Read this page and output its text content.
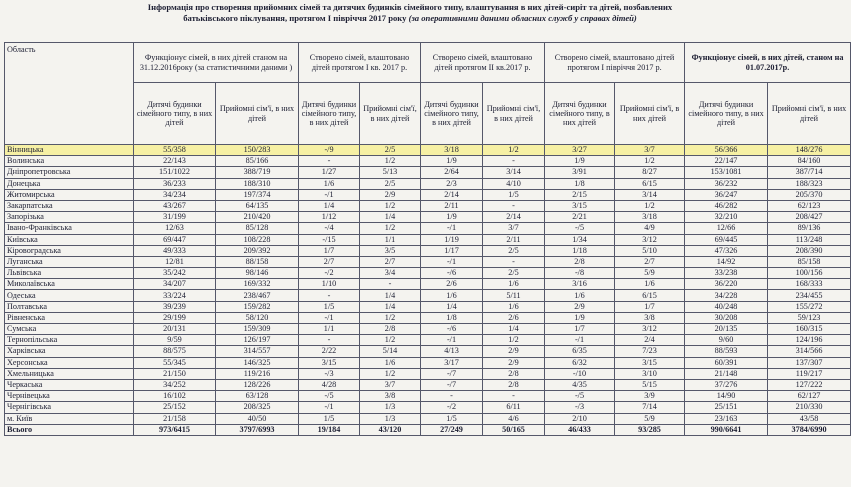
Інформація про створення прийомних сімей та дитячих будинків сімейного типу, влаштування в них дітей-сиріт та дітей, позбавлених
батьківського піклування, протягом І півріччя 2017 року (за оперативними даними обласних служб у справах дітей)
Область	Функціонує сімей, в них дітей станом на 31.12.2016року (за статистичними даними )		Створено сімей, влаштовано дітей протягом І кв. 2017 р.		Створено сімей, влаштовано дітей протягом ІІ кв.2017 р.		Створено сімей, влаштовано дітей протягом І півріччя 2017 р.		Функціонує сімей, в них дітей, станом на 01.07.2017р.	
	Дитячі будинки сімейного типу, в них дітей	Прийомні сім'ї, в них дітей	Дитячі будинки сімейного типу, в них дітей	Прийомні сім'ї, в них дітей	Дитячі будинки сімейного типу, в них дітей	Прийомні сім'ї, в них дітей	Дитячі будинки сімейного типу, в них дітей	Прийомні сім'ї, в них дітей	Дитячі будинки сімейного типу, в них дітей	Прийомні сім'ї, в них дітей
Вінницька	55/358	150/283	-/9	2/5	3/18	1/2	3/27	3/7	56/366	148/276
Волинська	22/143	85/166	-	1/2	1/9	-	1/9	1/2	22/147	84/160
Дніпропетровська	151/1022	388/719	1/27	5/13	2/64	3/14	3/91	8/27	153/1081	387/714
Донецька	36/233	188/310	1/6	2/5	2/3	4/10	1/8	6/15	36/232	188/323
Житомирська	34/234	197/374	-/1	2/9	2/14	1/5	2/15	3/14	36/247	205/370
Закарпатська	43/267	64/135	1/4	1/2	2/11	-	3/15	1/2	46/282	62/123
Запорізька	31/199	210/420	1/12	1/4	1/9	2/14	2/21	3/18	32/210	208/427
Івано-Франківська	12/63	85/128	-/4	1/2	-/1	3/7	-/5	4/9	12/66	89/136
Київська	69/447	108/228	-/15	1/1	1/19	2/11	1/34	3/12	69/445	113/248
Кіровоградська	49/333	209/392	1/7	3/5	1/17	2/5	1/18	5/10	47/326	208/390
Луганська	12/81	88/158	2/7	2/7	-/1	-	2/8	2/7	14/92	85/158
Львівська	35/242	98/146	-/2	3/4	-/6	2/5	-/8	5/9	33/238	100/156
Миколаївська	34/207	169/332	1/10	-	2/6	1/6	3/16	1/6	36/220	168/333
Одеська	33/224	238/467	-	1/4	1/6	5/11	1/6	6/15	34/228	234/455
Полтавська	39/239	159/282	1/5	1/4	1/4	1/6	2/9	1/7	40/248	155/272
Рівненська	29/199	58/120	-/1	1/2	1/8	2/6	1/9	3/8	30/208	59/123
Сумська	20/131	159/309	1/1	2/8	-/6	1/4	1/7	3/12	20/135	160/315
Тернопільська	9/59	126/197	-	1/2	-/1	1/2	-/1	2/4	9/60	124/196
Харківська	88/575	314/557	2/22	5/14	4/13	2/9	6/35	7/23	88/593	314/566
Херсонська	55/345	146/325	3/15	1/6	3/17	2/9	6/32	3/15	60/391	137/307
Хмельницька	21/150	119/216	-/3	1/2	-/7	2/8	-/10	3/10	21/148	119/217
Черкаська	34/252	128/226	4/28	3/7	-/7	2/8	4/35	5/15	37/276	127/222
Чернівецька	16/102	63/128	-/5	3/8	-	-	-/5	3/9	14/90	62/127
Чернігівська	25/152	208/325	-/1	1/3	-/2	6/11	-/3	7/14	25/151	210/330
м. Київ	21/158	40/50	1/5	1/3	1/5	4/6	2/10	5/9	23/163	43/58
Всього	973/6415	3797/6993	19/184	43/120	27/249	50/165	46/433	93/285	990/6641	3784/6990
